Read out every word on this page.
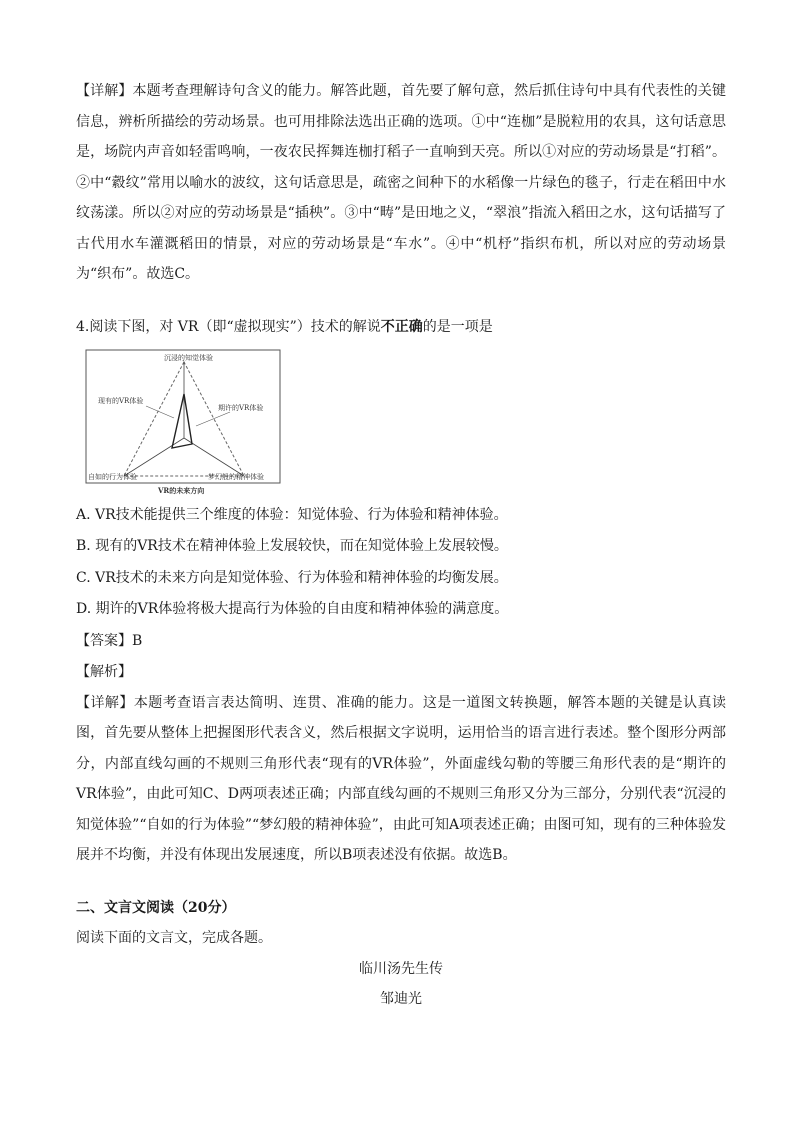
【详解】本题考查理解诗句含义的能力。解答此题，首先要了解句意，然后抓住诗句中具有代表性的关键信息，辨析所描绘的劳动场景。也可用排除法选出正确的选项。①中“连枷”是脱粒用的农具，这句话意思是，场院内声音如轻雷鸣响，一夜农民挥舞连枷打稻子一直响到天亮。所以①对应的劳动场景是“打稻”。②中“縠纹”常用以喻水的波纹，这句话意思是，疏密之间种下的水稻像一片绿色的毯子，行走在稻田中水纹荡漾。所以②对应的劳动场景是“插秧”。③中“畴”是田地之义，“翠浪”指流入稻田之水，这句话描写了古代用水车灌溉稻田的情景，对应的劳动场景是“车水”。④中“机杼”指织布机，所以对应的劳动场景为“织布”。故选C。

4.阅读下图，对 VR（即“虚拟现实”）技术的解说不正确的是一项是
沉浸的知觉体验
现有的VR体验
期许的VR体验
自如的行为体验	梦幻般的精神体验
VR的未来方向

A. VR技术能提供三个维度的体验：知觉体验、行为体验和精神体验。

B. 现有的VR技术在精神体验上发展较快，而在知觉体验上发展较慢。

C. VR技术的未来方向是知觉体验、行为体验和精神体验的均衡发展。

D. 期许的VR体验将极大提高行为体验的自由度和精神体验的满意度。

【答案】B

【解析】

【详解】本题考查语言表达简明、连贯、准确的能力。这是一道图文转换题，解答本题的关键是认真读图，首先要从整体上把握图形代表含义，然后根据文字说明，运用恰当的语言进行表述。整个图形分两部分，内部直线勾画的不规则三角形代表“现有的VR体验”，外面虚线勾勒的等腰三角形代表的是“期许的VR体验”，由此可知C、D两项表述正确；内部直线勾画的不规则三角形又分为三部分，分别代表“沉浸的知觉体验”“自如的行为体验”“梦幻般的精神体验”，由此可知A项表述正确；由图可知，现有的三种体验发展并不均衡，并没有体现出发展速度，所以B项表述没有依据。故选B。

二、文言文阅读（20分）

阅读下面的文言文，完成各题。

临川汤先生传

邹迪光
